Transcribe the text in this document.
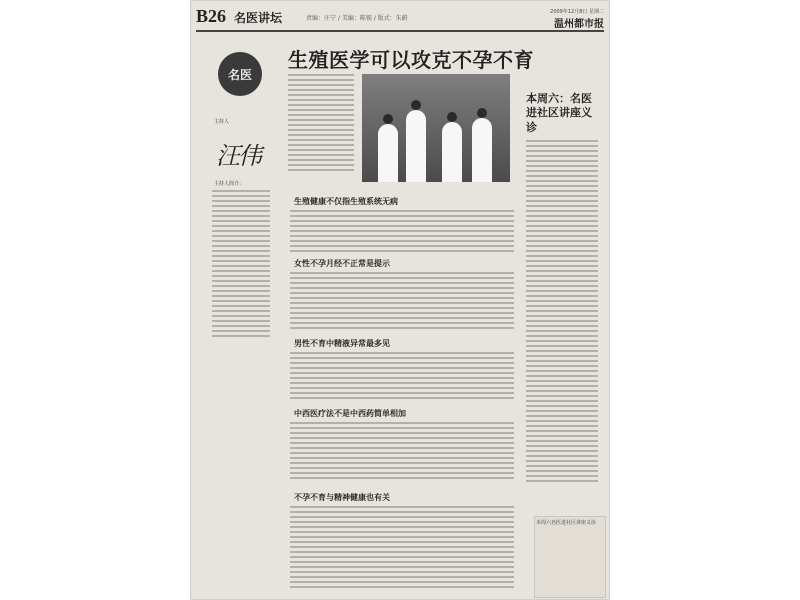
B26 名医讲坛	责编：庄宁 / 美编：陈锡 / 版式：朱蔚
2009年12月8日 星期二
温州都市报
生殖医学可以攻克不孕不育
名医
主持人
汪伟
主持人简介：
本周六：名医进社区讲座义诊
生殖健康不仅指生殖系统无病
女性不孕月经不正常是提示
男性不育中精液异常最多见
中西医疗法不是中西药简单相加
不孕不育与精神健康也有关
本周六名医进社区讲座义诊
